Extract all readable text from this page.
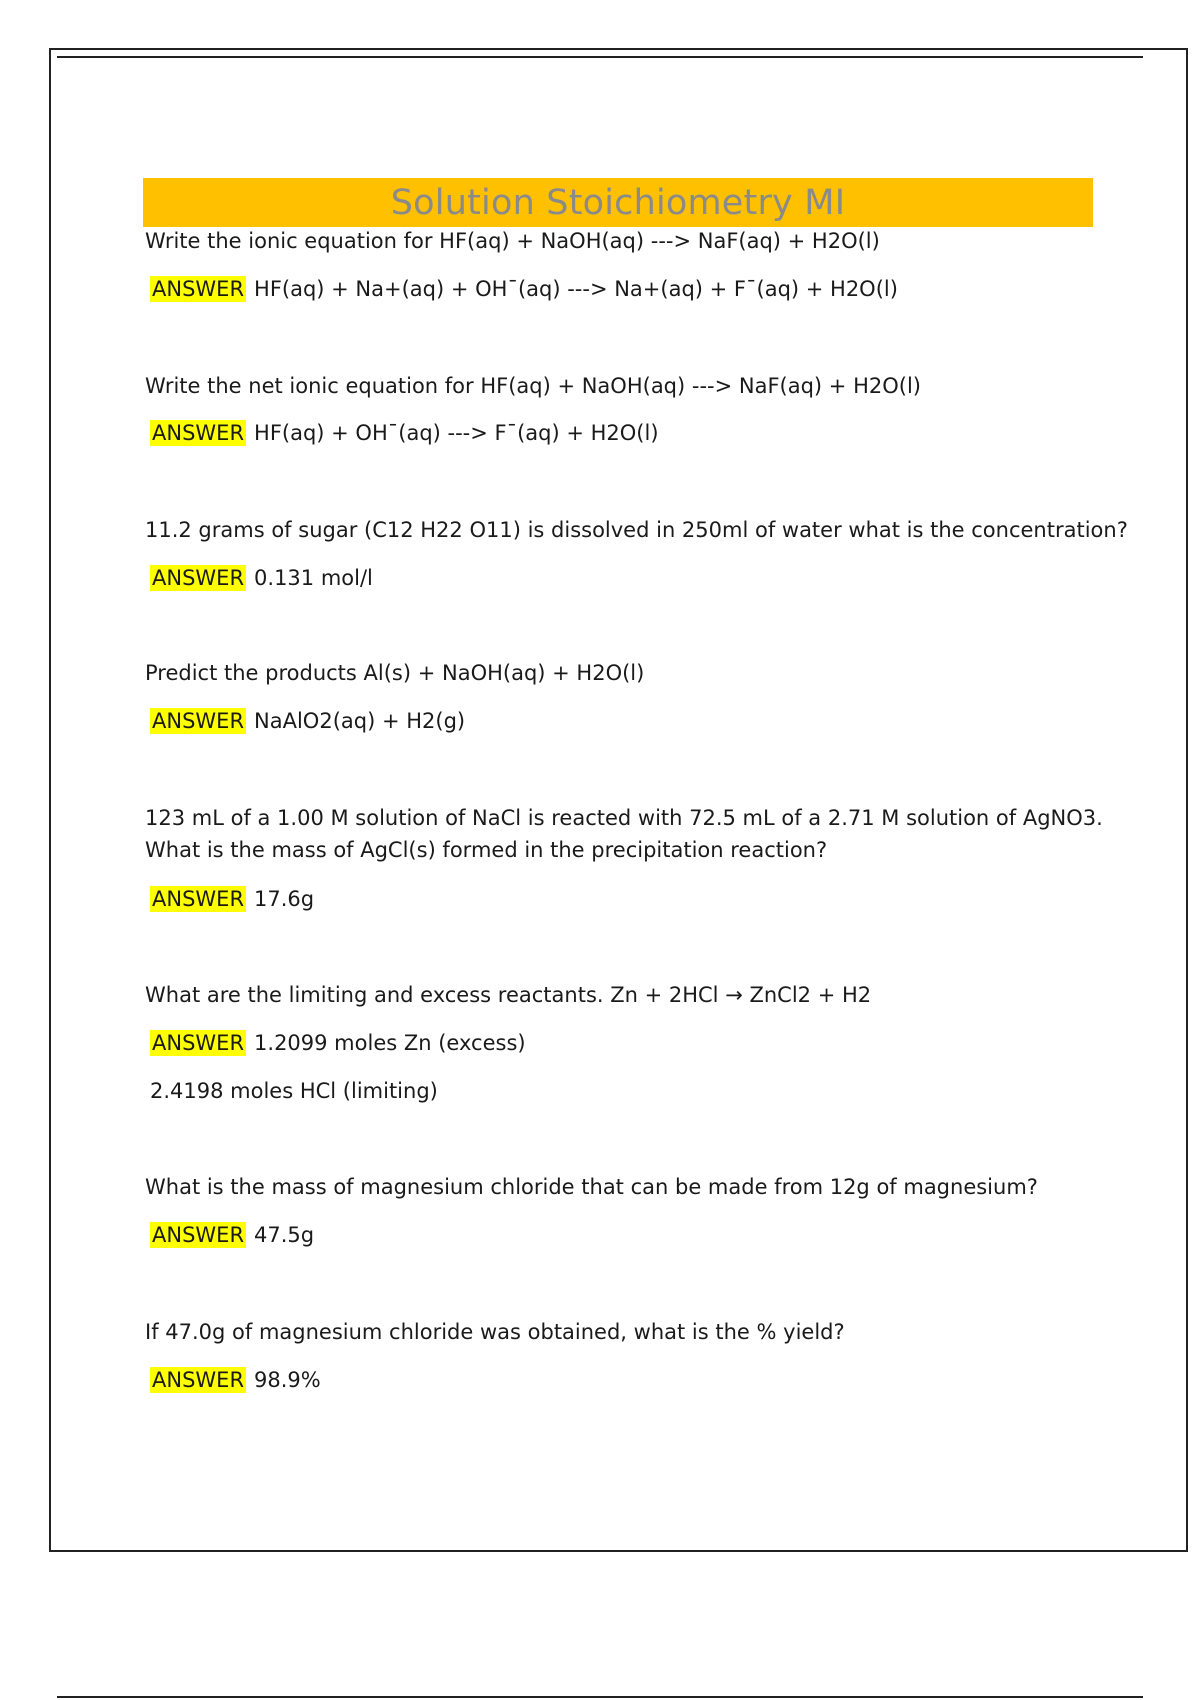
Solution Stoichiometry MI
Write the ionic equation for HF(aq) + NaOH(aq) ---> NaF(aq) + H2O(l)
ANSWER HF(aq) + Na+(aq) + OH¯(aq) ---> Na+(aq) + F¯(aq) + H2O(l)
Write the net ionic equation for HF(aq) + NaOH(aq) ---> NaF(aq) + H2O(l)
ANSWER HF(aq) + OH¯(aq) ---> F¯(aq) + H2O(l)
11.2 grams of sugar (C12 H22 O11) is dissolved in 250ml of water what is the concentration?
ANSWER 0.131 mol/l
Predict the products Al(s) + NaOH(aq) + H2O(l)
ANSWER NaAlO2(aq) + H2(g)
123 mL of a 1.00 M solution of NaCl is reacted with 72.5 mL of a 2.71 M solution of AgNO3.
What is the mass of AgCl(s) formed in the precipitation reaction?
ANSWER 17.6g
What are the limiting and excess reactants. Zn + 2HCl → ZnCl2 + H2
ANSWER 1.2099 moles Zn (excess)
2.4198 moles HCl (limiting)
What is the mass of magnesium chloride that can be made from 12g of magnesium?
ANSWER 47.5g
If 47.0g of magnesium chloride was obtained, what is the % yield?
ANSWER 98.9%
